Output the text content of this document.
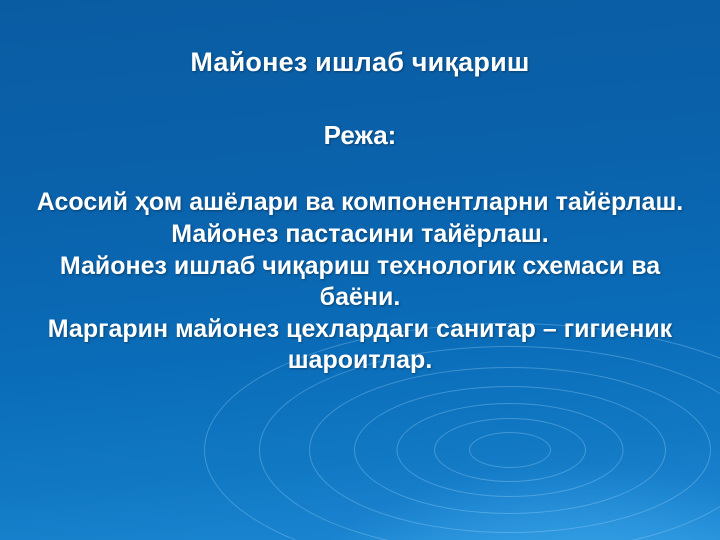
Майонез ишлаб чиқариш
Режа:
Асосий ҳом ашёлари ва компонентларни тайёрлаш.
Майонез пастасини тайёрлаш.
Майонез ишлаб чиқариш технологик схемаси ва баёни.
Маргарин майонез цехлардаги санитар – гигиеник шароитлар.
